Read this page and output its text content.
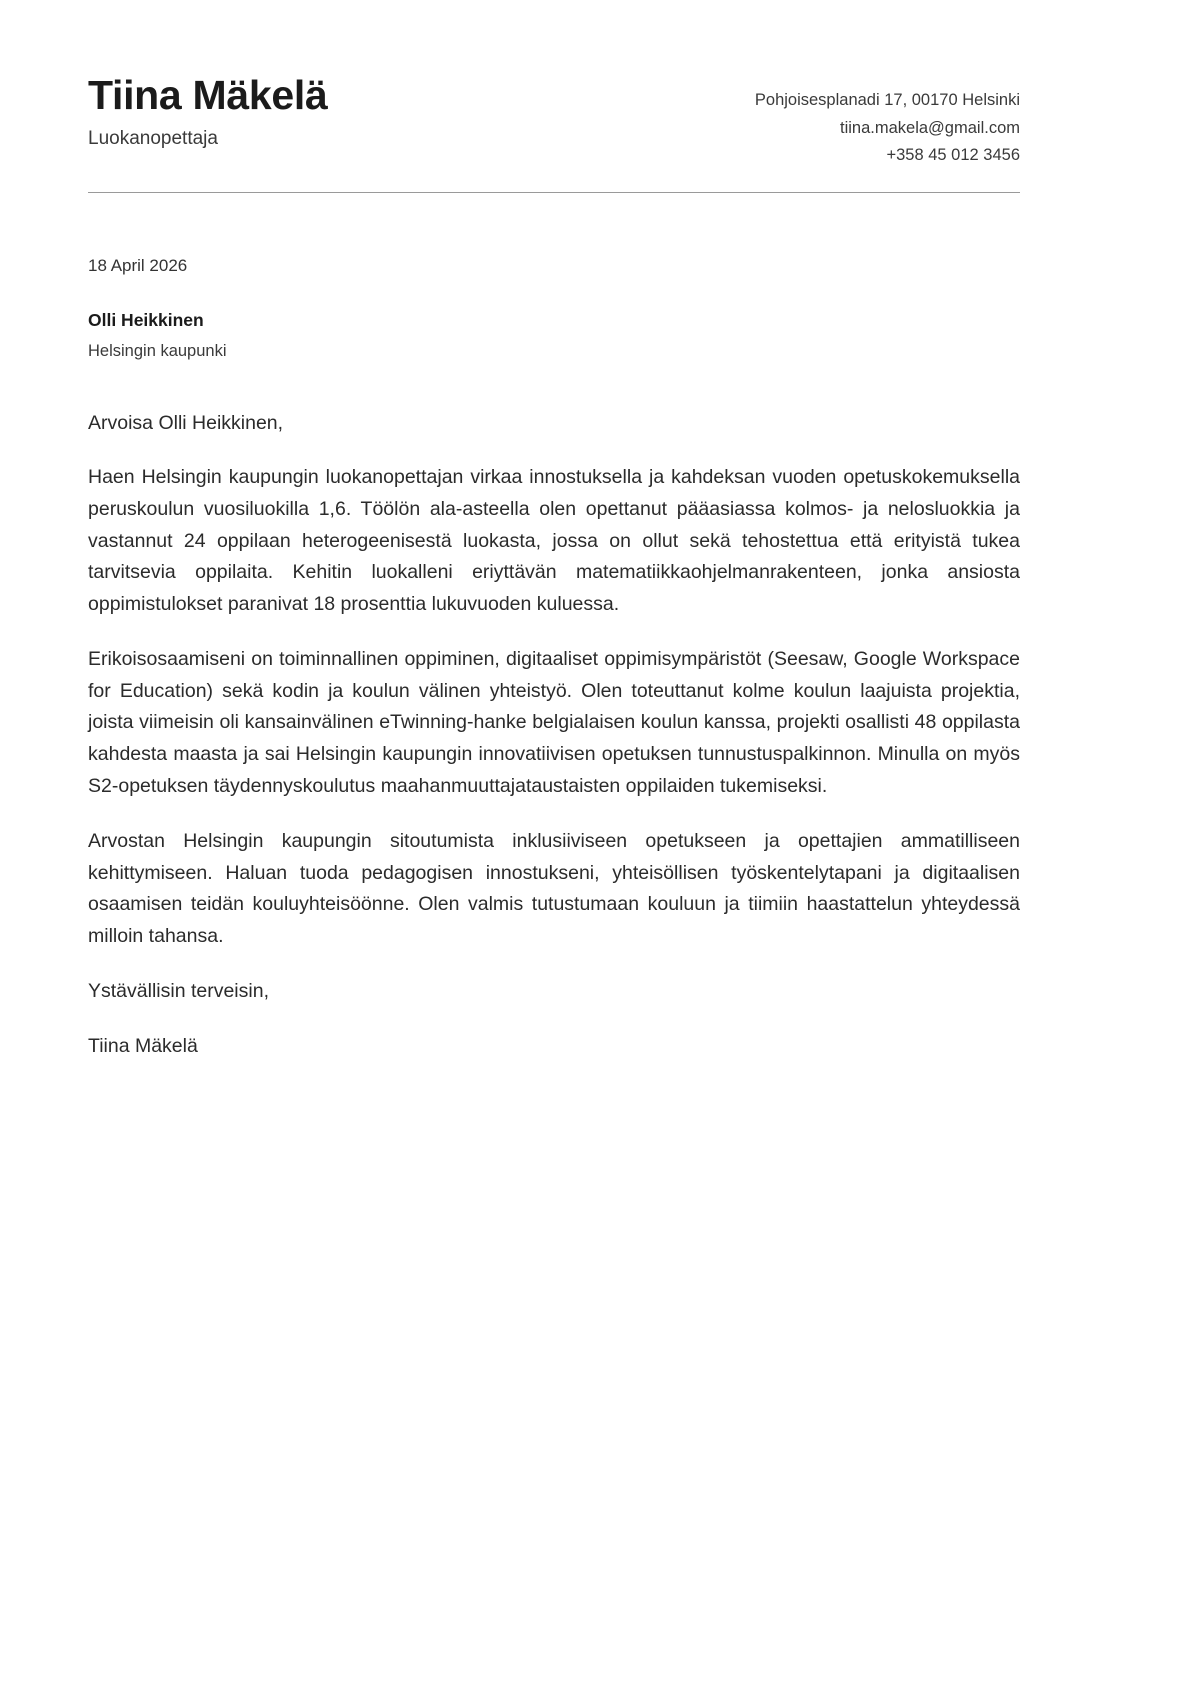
Tiina Mäkelä
Luokanopettaja
Pohjoisesplanadi 17, 00170 Helsinki
tiina.makela@gmail.com
+358 45 012 3456
18 April 2026
Olli Heikkinen
Helsingin kaupunki

Arvoisa Olli Heikkinen,

Haen Helsingin kaupungin luokanopettajan virkaa innostuksella ja kahdeksan vuoden opetuskokemuksella peruskoulun vuosiluokilla 1,6. Töölön ala-asteella olen opettanut pääasiassa kolmos- ja nelosluokkia ja vastannut 24 oppilaan heterogeenisestä luokasta, jossa on ollut sekä tehostettua että erityistä tukea tarvitsevia oppilaita. Kehitin luokalleni eriyttävän matematiikkaohjelmanrakenteen, jonka ansiosta oppimistulokset paranivat 18 prosenttia lukuvuoden kuluessa.

Erikoisosaamiseni on toiminnallinen oppiminen, digitaaliset oppimisympäristöt (Seesaw, Google Workspace for Education) sekä kodin ja koulun välinen yhteistyö. Olen toteuttanut kolme koulun laajuista projektia, joista viimeisin oli kansainvälinen eTwinning-hanke belgialaisen koulun kanssa, projekti osallisti 48 oppilasta kahdesta maasta ja sai Helsingin kaupungin innovatiivisen opetuksen tunnustuspalkinnon. Minulla on myös S2-opetuksen täydennyskoulutus maahanmuuttajataustaisten oppilaiden tukemiseksi.

Arvostan Helsingin kaupungin sitoutumista inklusiiviseen opetukseen ja opettajien ammatilliseen kehittymiseen. Haluan tuoda pedagogisen innostukseni, yhteisöllisen työskentelytapani ja digitaalisen osaamisen teidän kouluyhteisöönne. Olen valmis tutustumaan kouluun ja tiimiin haastattelun yhteydessä milloin tahansa.

Ystävällisin terveisin,

Tiina Mäkelä
